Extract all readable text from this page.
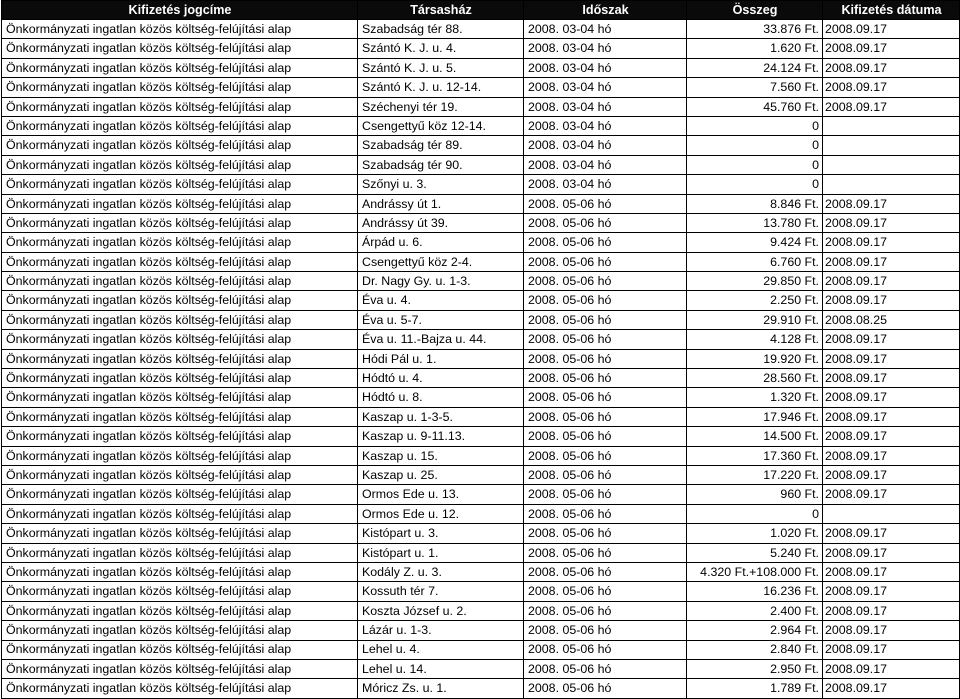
Kifizetés jogcíme	Társasház	Időszak	Összeg	Kifizetés dátuma
Önkormányzati ingatlan közös költség-felújítási alap	Szabadság tér 88.	2008. 03-04 hó	33.876 Ft.	2008.09.17
Önkormányzati ingatlan közös költség-felújítási alap	Szántó K. J. u. 4.	2008. 03-04 hó	1.620 Ft.	2008.09.17
Önkormányzati ingatlan közös költség-felújítási alap	Szántó K. J. u. 5.	2008. 03-04 hó	24.124 Ft.	2008.09.17
Önkormányzati ingatlan közös költség-felújítási alap	Szántó K. J. u. 12-14.	2008. 03-04 hó	7.560 Ft.	2008.09.17
Önkormányzati ingatlan közös költség-felújítási alap	Széchenyi tér 19.	2008. 03-04 hó	45.760 Ft.	2008.09.17
Önkormányzati ingatlan közös költség-felújítási alap	Csengettyű köz 12-14.	2008. 03-04 hó	0	
Önkormányzati ingatlan közös költség-felújítási alap	Szabadság tér 89.	2008. 03-04 hó	0	
Önkormányzati ingatlan közös költség-felújítási alap	Szabadság tér 90.	2008. 03-04 hó	0	
Önkormányzati ingatlan közös költség-felújítási alap	Szőnyi u. 3.	2008. 03-04 hó	0	
Önkormányzati ingatlan közös költség-felújítási alap	Andrássy út 1.	2008. 05-06 hó	8.846 Ft.	2008.09.17
Önkormányzati ingatlan közös költség-felújítási alap	Andrássy út 39.	2008. 05-06 hó	13.780 Ft.	2008.09.17
Önkormányzati ingatlan közös költség-felújítási alap	Árpád u. 6.	2008. 05-06 hó	9.424 Ft.	2008.09.17
Önkormányzati ingatlan közös költség-felújítási alap	Csengettyű köz 2-4.	2008. 05-06 hó	6.760 Ft.	2008.09.17
Önkormányzati ingatlan közös költség-felújítási alap	Dr. Nagy Gy. u. 1-3.	2008. 05-06 hó	29.850 Ft.	2008.09.17
Önkormányzati ingatlan közös költség-felújítási alap	Éva u. 4.	2008. 05-06 hó	2.250 Ft.	2008.09.17
Önkormányzati ingatlan közös költség-felújítási alap	Éva u. 5-7.	2008. 05-06 hó	29.910 Ft.	2008.08.25
Önkormányzati ingatlan közös költség-felújítási alap	Éva u. 11.-Bajza u. 44.	2008. 05-06 hó	4.128 Ft.	2008.09.17
Önkormányzati ingatlan közös költség-felújítási alap	Hódi Pál u. 1.	2008. 05-06 hó	19.920 Ft.	2008.09.17
Önkormányzati ingatlan közös költség-felújítási alap	Hódtó u. 4.	2008. 05-06 hó	28.560 Ft.	2008.09.17
Önkormányzati ingatlan közös költség-felújítási alap	Hódtó u. 8.	2008. 05-06 hó	1.320 Ft.	2008.09.17
Önkormányzati ingatlan közös költség-felújítási alap	Kaszap u. 1-3-5.	2008. 05-06 hó	17.946 Ft.	2008.09.17
Önkormányzati ingatlan közös költség-felújítási alap	Kaszap u. 9-11.13.	2008. 05-06 hó	14.500 Ft.	2008.09.17
Önkormányzati ingatlan közös költség-felújítási alap	Kaszap u. 15.	2008. 05-06 hó	17.360 Ft.	2008.09.17
Önkormányzati ingatlan közös költség-felújítási alap	Kaszap u. 25.	2008. 05-06 hó	17.220 Ft.	2008.09.17
Önkormányzati ingatlan közös költség-felújítási alap	Ormos Ede u. 13.	2008. 05-06 hó	960 Ft.	2008.09.17
Önkormányzati ingatlan közös költség-felújítási alap	Ormos Ede u. 12.	2008. 05-06 hó	0	
Önkormányzati ingatlan közös költség-felújítási alap	Kistópart u. 3.	2008. 05-06 hó	1.020 Ft.	2008.09.17
Önkormányzati ingatlan közös költség-felújítási alap	Kistópart u. 1.	2008. 05-06 hó	5.240 Ft.	2008.09.17
Önkormányzati ingatlan közös költség-felújítási alap	Kodály Z. u. 3.	2008. 05-06 hó	4.320 Ft.+108.000 Ft.	2008.09.17
Önkormányzati ingatlan közös költség-felújítási alap	Kossuth tér 7.	2008. 05-06 hó	16.236 Ft.	2008.09.17
Önkormányzati ingatlan közös költség-felújítási alap	Koszta József u. 2.	2008. 05-06 hó	2.400 Ft.	2008.09.17
Önkormányzati ingatlan közös költség-felújítási alap	Lázár u. 1-3.	2008. 05-06 hó	2.964 Ft.	2008.09.17
Önkormányzati ingatlan közös költség-felújítási alap	Lehel u. 4.	2008. 05-06 hó	2.840 Ft.	2008.09.17
Önkormányzati ingatlan közös költség-felújítási alap	Lehel u. 14.	2008. 05-06 hó	2.950 Ft.	2008.09.17
Önkormányzati ingatlan közös költség-felújítási alap	Móricz Zs. u. 1.	2008. 05-06 hó	1.789 Ft.	2008.09.17
